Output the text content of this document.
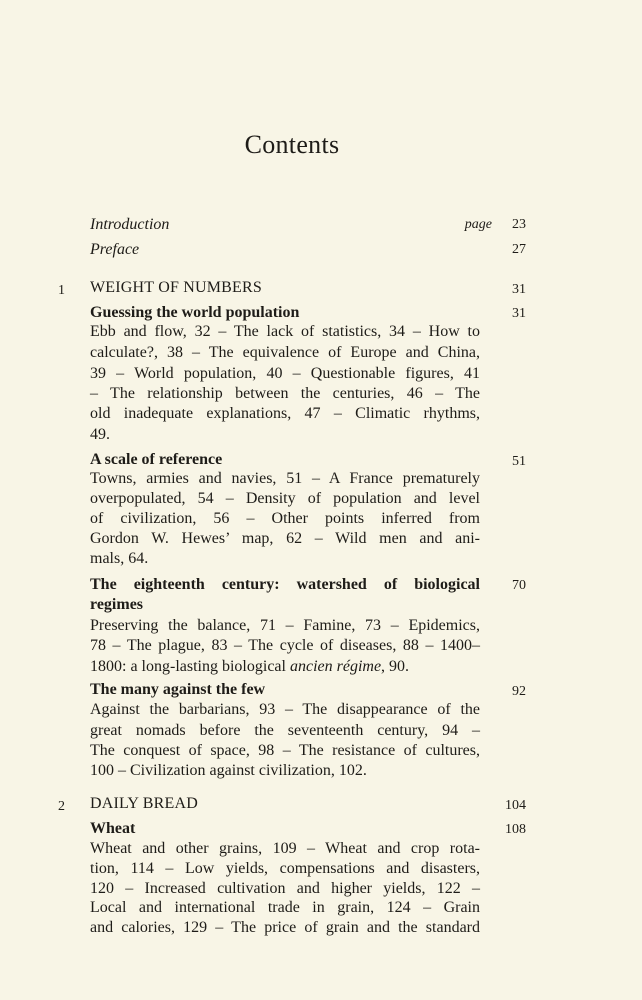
Contents
Introduction	page	23
Preface	27
1	WEIGHT OF NUMBERS	31
Guessing the world population	31
Ebb and flow, 32 – The lack of statistics, 34 – How to
calculate?, 38 – The equivalence of Europe and China,
39 – World population, 40 – Questionable figures, 41
– The relationship between the centuries, 46 – The
old inadequate explanations, 47 – Climatic rhythms,
49.
A scale of reference	51
Towns, armies and navies, 51 – A France prematurely
overpopulated, 54 – Density of population and level
of civilization, 56 – Other points inferred from
Gordon W. Hewes’ map, 62 – Wild men and ani-
mals, 64.
The eighteenth century: watershed of biological	70
regimes
Preserving the balance, 71 – Famine, 73 – Epidemics,
78 – The plague, 83 – The cycle of diseases, 88 – 1400–
1800: a long-lasting biological ancien régime, 90.
The many against the few	92
Against the barbarians, 93 – The disappearance of the
great nomads before the seventeenth century, 94 –
The conquest of space, 98 – The resistance of cultures,
100 – Civilization against civilization, 102.
2	DAILY BREAD	104
Wheat	108
Wheat and other grains, 109 – Wheat and crop rota-
tion, 114 – Low yields, compensations and disasters,
120 – Increased cultivation and higher yields, 122 –
Local and international trade in grain, 124 – Grain
and calories, 129 – The price of grain and the standard
